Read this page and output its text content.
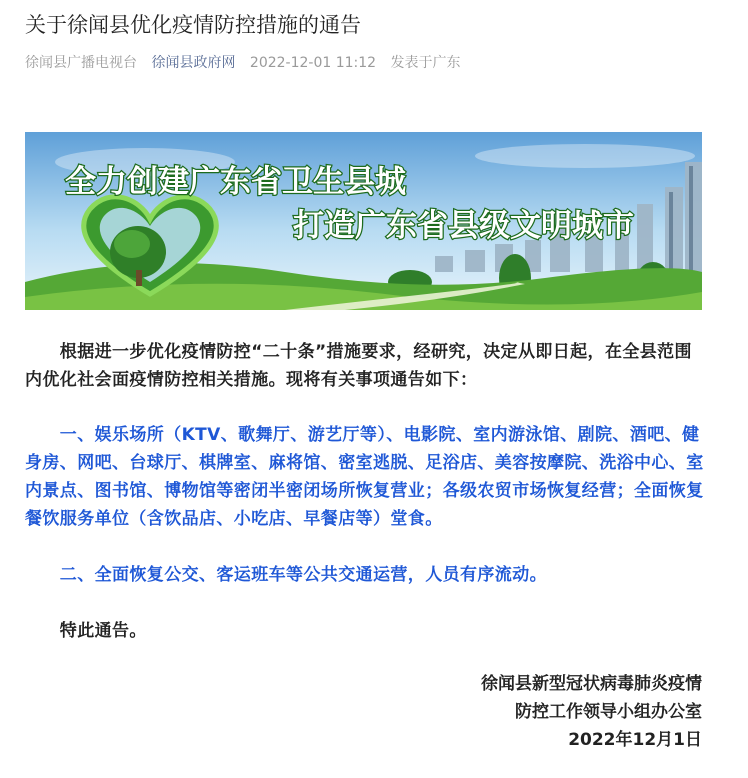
关于徐闻县优化疫情防控措施的通告
徐闻县广播电视台 徐闻县政府网 2022-12-01 11:12 发表于广东
全力创建广东省卫生县城
打造广东省县级文明城市

　　根据进一步优化疫情防控“二十条”措施要求，经研究，决定从即日起，在全县范围内优化社会面疫情防控相关措施。现将有关事项通告如下：

　　一、娱乐场所（KTV、歌舞厅、游艺厅等）、电影院、室内游泳馆、剧院、酒吧、健身房、网吧、台球厅、棋牌室、麻将馆、密室逃脱、足浴店、美容按摩院、洗浴中心、室内景点、图书馆、博物馆等密闭半密闭场所恢复营业；各级农贸市场恢复经营；全面恢复餐饮服务单位（含饮品店、小吃店、早餐店等）堂食。

　　二、全面恢复公交、客运班车等公共交通运营，人员有序流动。

　　特此通告。

徐闻县新型冠状病毒肺炎疫情
防控工作领导小组办公室
2022年12月1日
